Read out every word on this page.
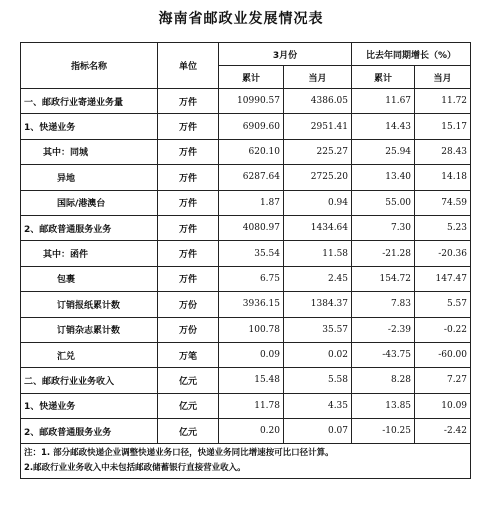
海南省邮政业发展情况表
指标名称	单位	3月份		比去年同期增长（%）	
		累计	当月	累计	当月
一、邮政行业寄递业务量	万件	10990.57	4386.05	11.67	11.72
1、快递业务	万件	6909.60	2951.41	14.43	15.17
其中：同城	万件	620.10	225.27	25.94	28.43
异地	万件	6287.64	2725.20	13.40	14.18
国际/港澳台	万件	1.87	0.94	55.00	74.59
2、邮政普通服务业务	万件	4080.97	1434.64	7.30	5.23
其中：函件	万件	35.54	11.58	-21.28	-20.36
包裹	万件	6.75	2.45	154.72	147.47
订销报纸累计数	万份	3936.15	1384.37	7.83	5.57
订销杂志累计数	万份	100.78	35.57	-2.39	-0.22
汇兑	万笔	0.09	0.02	-43.75	-60.00
二、邮政行业业务收入	亿元	15.48	5.58	8.28	7.27
1、快递业务	亿元	11.78	4.35	13.85	10.09
2、邮政普通服务业务	亿元	0.20	0.07	-10.25	-2.42

注：1. 部分邮政快递企业调整快递业务口径，快递业务同比增速按可比口径计算。
2.邮政行业业务收入中未包括邮政储蓄银行直接营业收入。					
